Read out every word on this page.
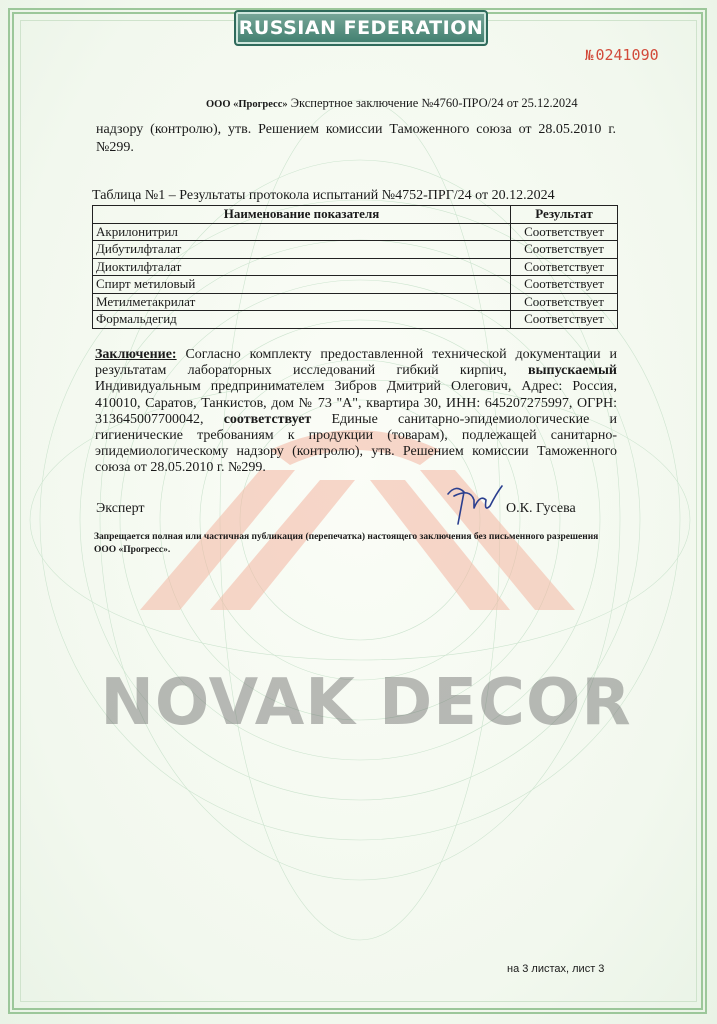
RUSSIAN FEDERATION
№ 0241090
ООО «Прогресс» Экспертное заключение №4760-ПРО/24 от 25.12.2024
надзору (контролю), утв. Решением комиссии Таможенного союза от 28.05.2010 г. №299.
Таблица №1 – Результаты протокола испытаний №4752-ПРГ/24 от 20.12.2024
Наименование показателя	Результат
Акрилонитрил	Соответствует
Дибутилфталат	Соответствует
Диоктилфталат	Соответствует
Спирт метиловый	Соответствует
Метилметакрилат	Соответствует
Формальдегид	Соответствует
Заключение: Согласно комплекту предоставленной технической документации и результатам лабораторных исследований гибкий кирпич, выпускаемый Индивидуальным предпринимателем Зибров Дмитрий Олегович, Адрес: Россия, 410010, Саратов, Танкистов, дом № 73 "А", квартира 30, ИНН: 645207275997, ОГРН: 313645007700042, соответствует Единые санитарно-эпидемиологические и гигиенические требованиям к продукции (товарам), подлежащей санитарно-эпидемиологическому надзору (контролю), утв. Решением комиссии Таможенного союза от 28.05.2010 г. №299.
Эксперт	О.К. Гусева
Запрещается полная или частичная публикация (перепечатка) настоящего заключения без письменного разрешения ООО «Прогресс».
NOVAK DECOR
на 3 листах, лист 3
